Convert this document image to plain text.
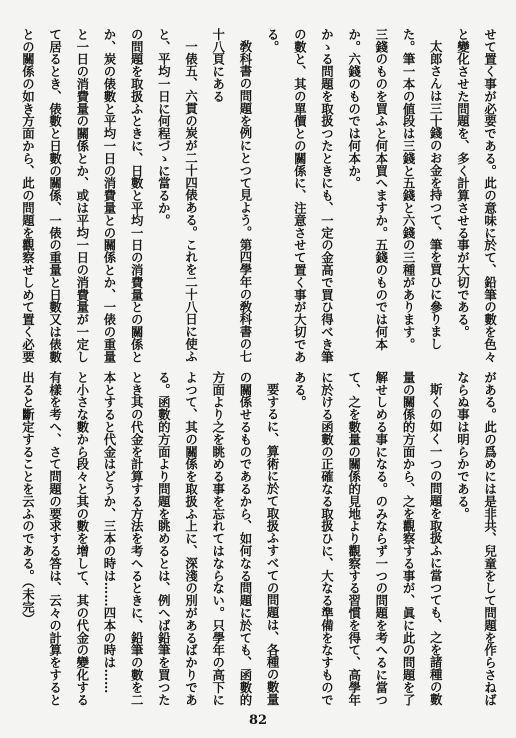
せて置く事が必要である。此の意味に於て、鉛筆の數を色々
と變化させた問題を、多く計算させる事が大切である。
太郎さんは三十錢のお金を持つて、筆を買ひに參りまし
た。筆一本の値段は三錢と五錢と六錢の三種があります。
三錢のものを買ふと何本買へますか。五錢のものでは何本
か。六錢のものでは何本か。
かゝる問題を取扱つたときにも、一定の金高で買ひ得べき筆
の數と、其の單價との關係に、注意させて置く事が大切であ
る。
敎科書の問題を例にとつて見よう。第四學年の敎科書の七
十八頁にある
一俵五、六貫の炭が二十四俵ある。これを二十八日に使ふ
と、平均一日に何程づゝに當るか。
の問題を取扱ふときに、日數と平均一日の消費量との關係と
か、炭の俵數と平均一日の消費量との關係とか、一俵の重量
と一日の消費量の關係とか、或は平均一日の消費量が一定し
て居るとき、俵數と日數の關係、一俵の重量と日數又は俵數
との關係の如き方面から、此の問題を觀察せしめて置く必要
がある。此の爲めには是非共、兒童をして問題を作らさねば
ならぬ事は明らかである。
斯くの如く一つの問題を取扱ふに當つても、之を諸種の數
量の關係的方面から、之を觀察する事が、眞に此の問題を了
解せしめる事になる。のみならず一つの問題を考へるに當つ
て、之を數量の關係的見地より觀察する習慣を得て、高學年
に於ける函數の正確なる取扱ひに、大なる準備をなすもので
ある。
要するに、算術に於て取扱ふすべての問題は、各種の數量
の關係せるものであるから、如何なる問題に於ても、函數的
方面より之を眺める事を忘れてはならない。只學年の高下に
よつて、其の關係を取扱ふ上に、深淺の別があるばかりであ
る。函數的方面より問題を眺めるとは、例へば鉛筆を買つた
とき其の代金を計算する方法を考へるときに、鉛筆の數を二
本とすると代金はどうか、三本の時は……四本の時は……
と小さな數から段々と其の數を增して、其の代金の變化する
有樣を考へ、さて問題の要求する答は、云々の計算をすると
出ると斷定することを云ふのである。（未完）
82
